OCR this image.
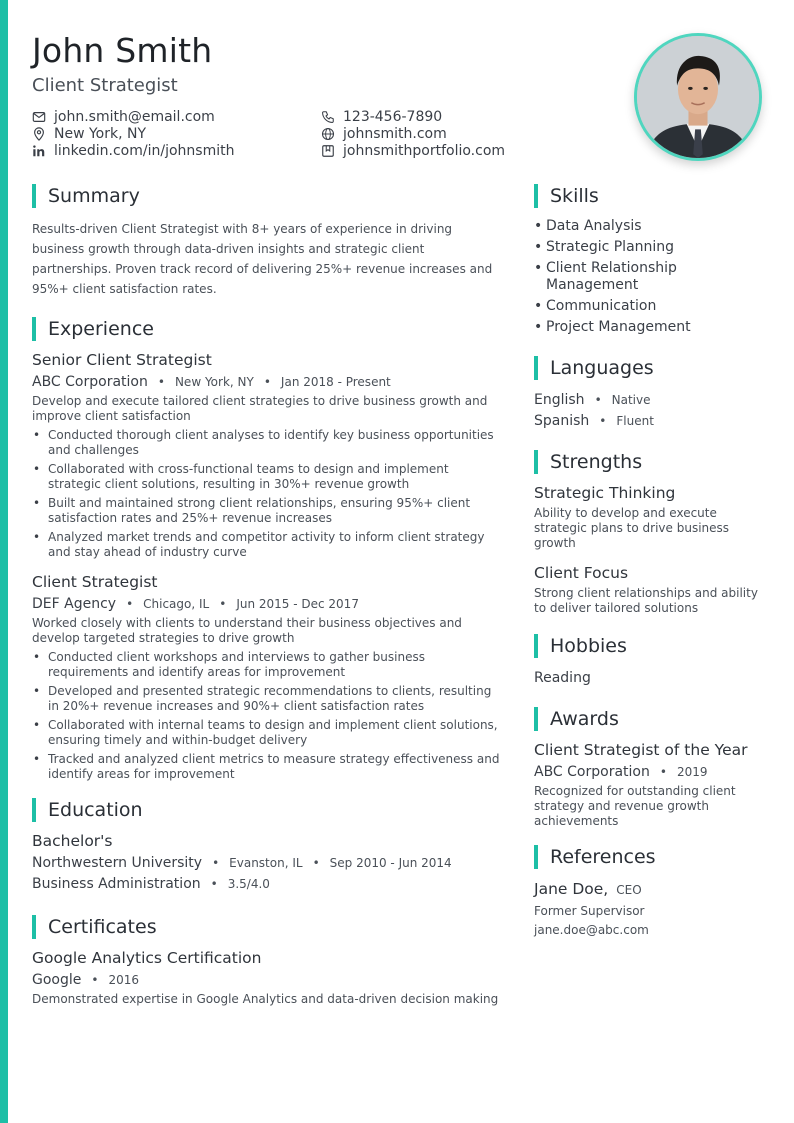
John Smith
Client Strategist
john.smith@email.com	123-456-7890
New York, NY	johnsmith.com
linkedin.com/in/johnsmith	johnsmithportfolio.com
Summary

Results-driven Client Strategist with 8+ years of experience in driving business growth through data-driven insights and strategic client partnerships. Proven track record of delivering 25%+ revenue increases and 95%+ client satisfaction rates.

Experience
Senior Client Strategist
ABC Corporation • New York, NY • Jan 2018 - Present

Develop and execute tailored client strategies to drive business growth and improve client satisfaction

• Conducted thorough client analyses to identify key business opportunities and challenges
• Collaborated with cross-functional teams to design and implement strategic client solutions, resulting in 30%+ revenue growth
• Built and maintained strong client relationships, ensuring 95%+ client satisfaction rates and 25%+ revenue increases
• Analyzed market trends and competitor activity to inform client strategy and stay ahead of industry curve
Client Strategist
DEF Agency • Chicago, IL • Jun 2015 - Dec 2017

Worked closely with clients to understand their business objectives and develop targeted strategies to drive growth

• Conducted client workshops and interviews to gather business requirements and identify areas for improvement
• Developed and presented strategic recommendations to clients, resulting in 20%+ revenue increases and 90%+ client satisfaction rates
• Collaborated with internal teams to design and implement client solutions, ensuring timely and within-budget delivery
• Tracked and analyzed client metrics to measure strategy effectiveness and identify areas for improvement
Education
Bachelor's
Northwestern University • Evanston, IL • Sep 2010 - Jun 2014
Business Administration • 3.5/4.0
Certificates
Google Analytics Certification
Google • 2016

Demonstrated expertise in Google Analytics and data-driven decision making

Skills
• Data Analysis
• Strategic Planning
• Client Relationship Management
• Communication
• Project Management
Languages
English • Native
Spanish • Fluent
Strengths
Strategic Thinking

Ability to develop and execute strategic plans to drive business growth

Client Focus

Strong client relationships and ability to deliver tailored solutions

Hobbies
Reading
Awards
Client Strategist of the Year
ABC Corporation • 2019

Recognized for outstanding client strategy and revenue growth achievements

References
Jane Doe, CEO

Former Supervisor

jane.doe@abc.com
